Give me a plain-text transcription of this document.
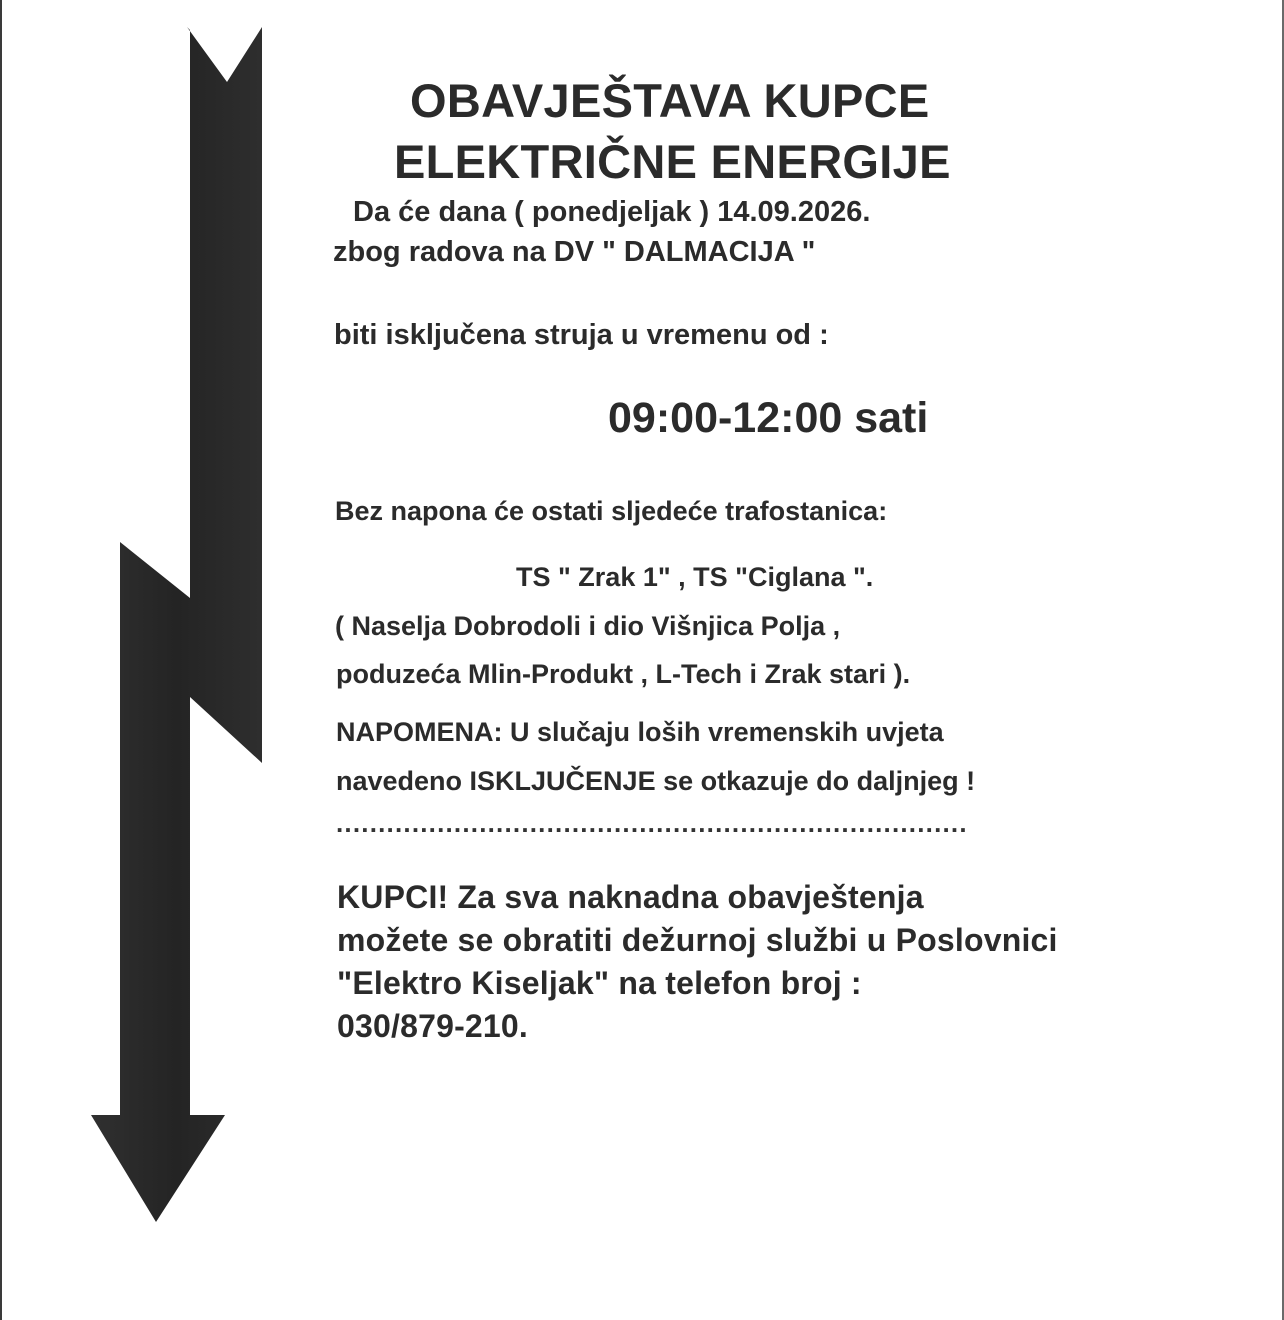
OBAVJEŠTAVA KUPCE
ELEKTRIČNE ENERGIJE

Da će dana ( ponedjeljak ) 14.09.2026.

zbog radova na DV " DALMACIJA "

biti isključena struja u vremenu od :

09:00-12:00 sati

Bez napona će ostati sljedeće trafostanica:

TS " Zrak 1" , TS "Ciglana ".

( Naselja Dobrodoli i dio Višnjica Polja ,

poduzeća Mlin-Produkt , L-Tech i Zrak stari ).

NAPOMENA: U slučaju loših vremenskih uvjeta

navedeno ISKLJUČENJE se otkazuje do daljnjeg !

...........................................................................

KUPCI! Za sva naknadna obavještenja

možete se obratiti dežurnoj službi u Poslovnici

"Elektro Kiseljak" na telefon broj :

030/879-210.
